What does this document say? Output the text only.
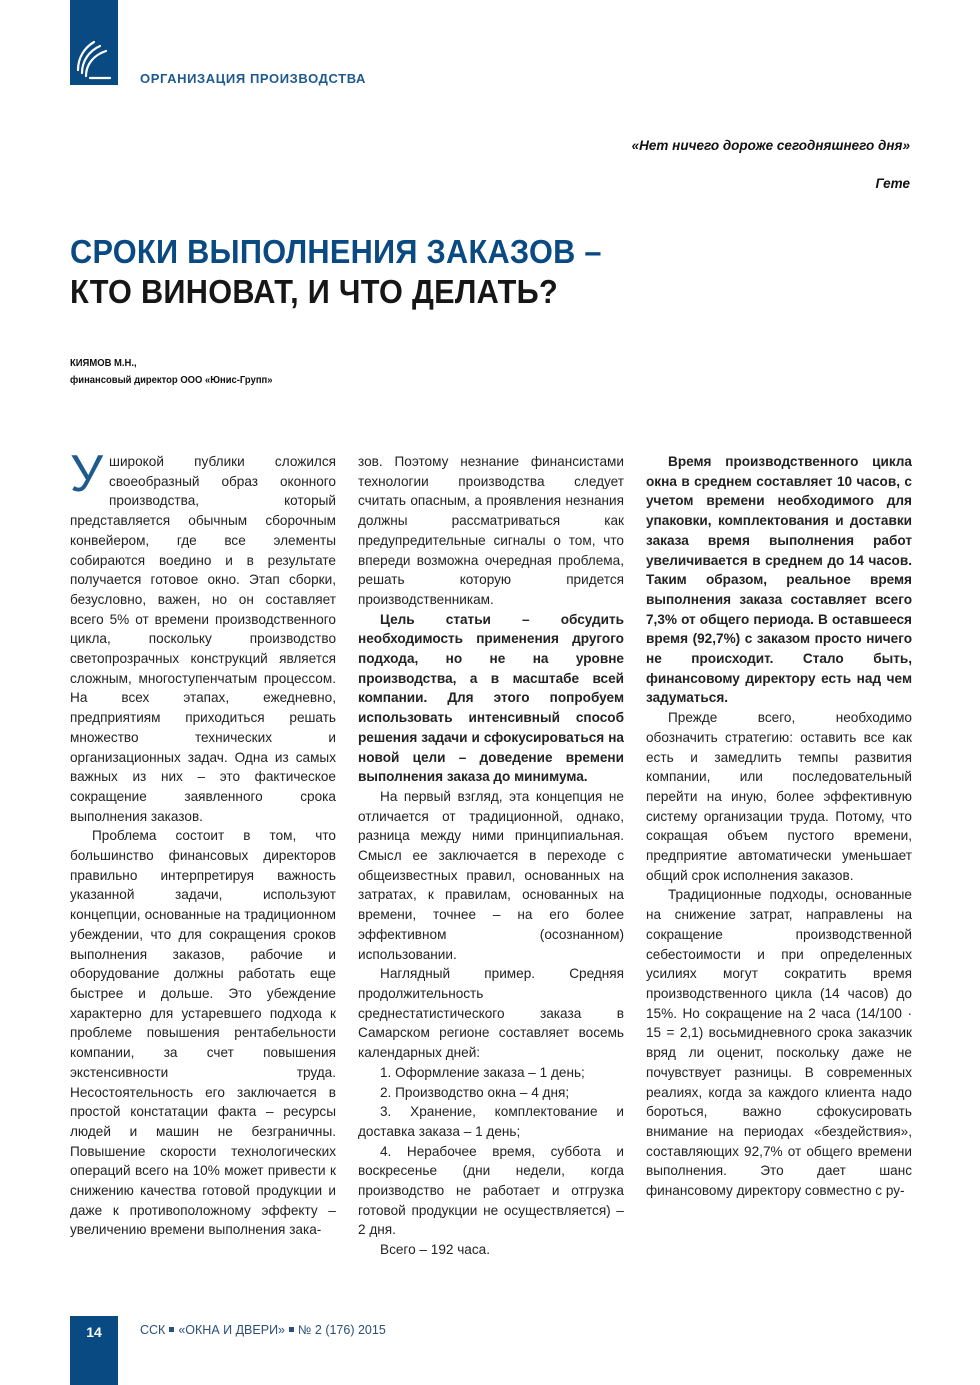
ОРГАНИЗАЦИЯ ПРОИЗВОДСТВА
«Нет ничего дороже сегодняшнего дня»
Гете
СРОКИ ВЫПОЛНЕНИЯ ЗАКАЗОВ –
КТО ВИНОВАТ, И ЧТО ДЕЛАТЬ?
КИЯМОВ М.Н.,
финансовый директор ООО «Юнис-Групп»

У широкой публики сложился своеобразный образ оконного производства, который представляется обычным сборочным конвейером, где все элементы собираются воедино и в результате получается готовое окно. Этап сборки, безусловно, важен, но он составляет всего 5% от времени производственного цикла, поскольку производство светопрозрачных конструкций является сложным, многоступенчатым процессом. На всех этапах, ежедневно, предприятиям приходиться решать множество технических и организационных задач. Одна из самых важных из них – это фактическое сокращение заявленного срока выполнения заказов.

Проблема состоит в том, что большинство финансовых директоров правильно интерпретируя важность указанной задачи, используют концепции, основанные на традиционном убеждении, что для сокращения сроков выполнения заказов, рабочие и оборудование должны работать еще быстрее и дольше. Это убеждение характерно для устаревшего подхода к проблеме повышения рентабельности компании, за счет повышения экстенсивности труда. Несостоятельность его заключается в простой констатации факта – ресурсы людей и машин не безграничны. Повышение скорости технологических операций всего на 10% может привести к снижению качества готовой продукции и даже к противоположному эффекту – увеличению времени выполнения зака-

зов. Поэтому незнание финансистами технологии производства следует считать опасным, а проявления незнания должны рассматриваться как предупредительные сигналы о том, что впереди возможна очередная проблема, решать которую придется производственникам.

Цель статьи – обсудить необходимость применения другого подхода, но не на уровне производства, а в масштабе всей компании. Для этого попробуем использовать интенсивный способ решения задачи и сфокусироваться на новой цели – доведение времени выполнения заказа до минимума.

На первый взгляд, эта концепция не отличается от традиционной, однако, разница между ними принципиальная. Смысл ее заключается в переходе с общеизвестных правил, основанных на затратах, к правилам, основанных на времени, точнее – на его более эффективном (осознанном) использовании.

Наглядный пример. Средняя продолжительность среднестатистического заказа в Самарском регионе составляет восемь календарных дней:

1. Оформление заказа – 1 день;

2. Производство окна – 4 дня;

3. Хранение, комплектование и доставка заказа – 1 день;

4. Нерабочее время, суббота и воскресенье (дни недели, когда производство не работает и отгрузка готовой продукции не осуществляется) – 2 дня.

Всего – 192 часа.

Время производственного цикла окна в среднем составляет 10 часов, с учетом времени необходимого для упаковки, комплектования и доставки заказа время выполнения работ увеличивается в среднем до 14 часов. Таким образом, реальное время выполнения заказа составляет всего 7,3% от общего периода. В оставшееся время (92,7%) с заказом просто ничего не происходит. Стало быть, финансовому директору есть над чем задуматься.

Прежде всего, необходимо обозначить стратегию: оставить все как есть и замедлить темпы развития компании, или последовательный перейти на иную, более эффективную систему организации труда. Потому, что сокращая объем пустого времени, предприятие автоматически уменьшает общий срок исполнения заказов.

Традиционные подходы, основанные на снижение затрат, направлены на сокращение производственной себестоимости и при определенных усилиях могут сократить время производственного цикла (14 часов) до 15%. Но сокращение на 2 часа (14/100 · 15 = 2,1) восьмидневного срока заказчик вряд ли оценит, поскольку даже не почувствует разницы. В современных реалиях, когда за каждого клиента надо бороться, важно сфокусировать внимание на периодах «бездействия», составляющих 92,7% от общего времени выполнения. Это дает шанс финансовому директору совместно с ру-

14	ССК «ОКНА И ДВЕРИ» № 2 (176) 2015
